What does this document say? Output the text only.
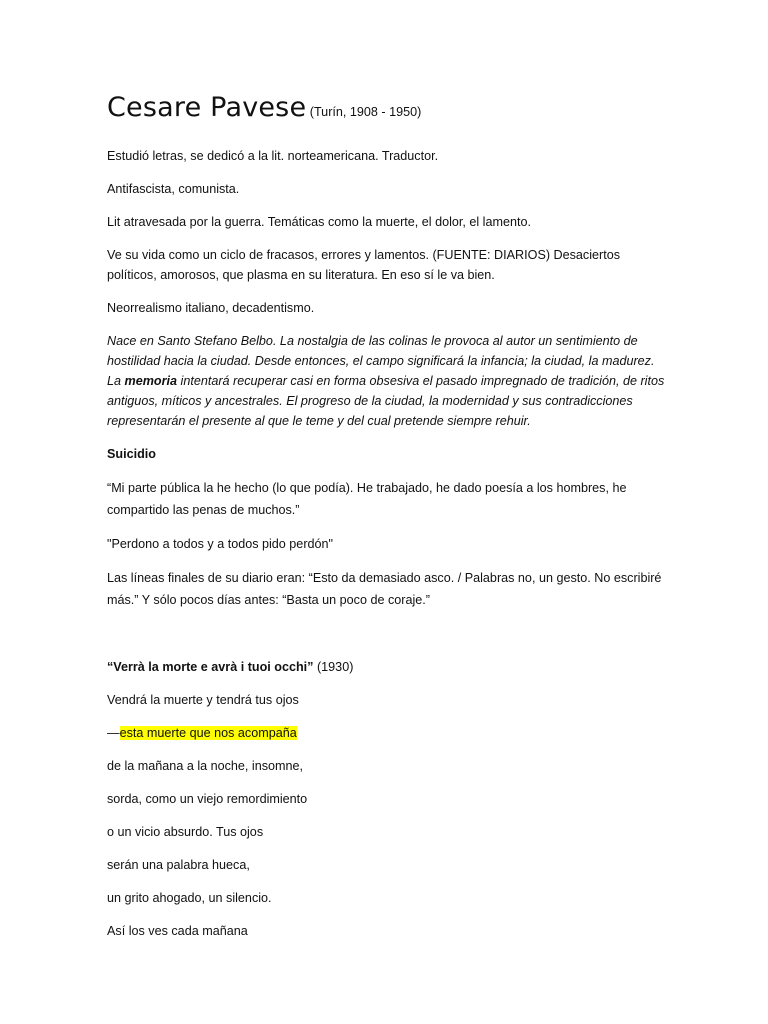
Cesare Pavese (Turín, 1908 - 1950)

Estudió letras, se dedicó a la lit. norteamericana. Traductor.

Antifascista, comunista.

Lit atravesada por la guerra. Temáticas como la muerte, el dolor, el lamento.

Ve su vida como un ciclo de fracasos, errores y lamentos. (FUENTE: DIARIOS) Desaciertos políticos, amorosos, que plasma en su literatura. En eso sí le va bien.

Neorrealismo italiano, decadentismo.

Nace en Santo Stefano Belbo. La nostalgia de las colinas le provoca al autor un sentimiento de hostilidad hacia la ciudad. Desde entonces, el campo significará la infancia; la ciudad, la madurez. La memoria intentará recuperar casi en forma obsesiva el pasado impregnado de tradición, de ritos antiguos, míticos y ancestrales. El progreso de la ciudad, la modernidad y sus contradicciones representarán el presente al que le teme y del cual pretende siempre rehuir.

Suicidio

“Mi parte pública la he hecho (lo que podía). He trabajado, he dado poesía a los hombres, he compartido las penas de muchos.”

"Perdono a todos y a todos pido perdón"

Las líneas finales de su diario eran: “Esto da demasiado asco. / Palabras no, un gesto. No escribiré más.” Y sólo pocos días antes: “Basta un poco de coraje.”

“Verrà la morte e avrà i tuoi occhi” (1930)

Vendrá la muerte y tendrá tus ojos

—esta muerte que nos acompaña

de la mañana a la noche, insomne,

sorda, como un viejo remordimiento

o un vicio absurdo. Tus ojos

serán una palabra hueca,

un grito ahogado, un silencio.

Así los ves cada mañana
